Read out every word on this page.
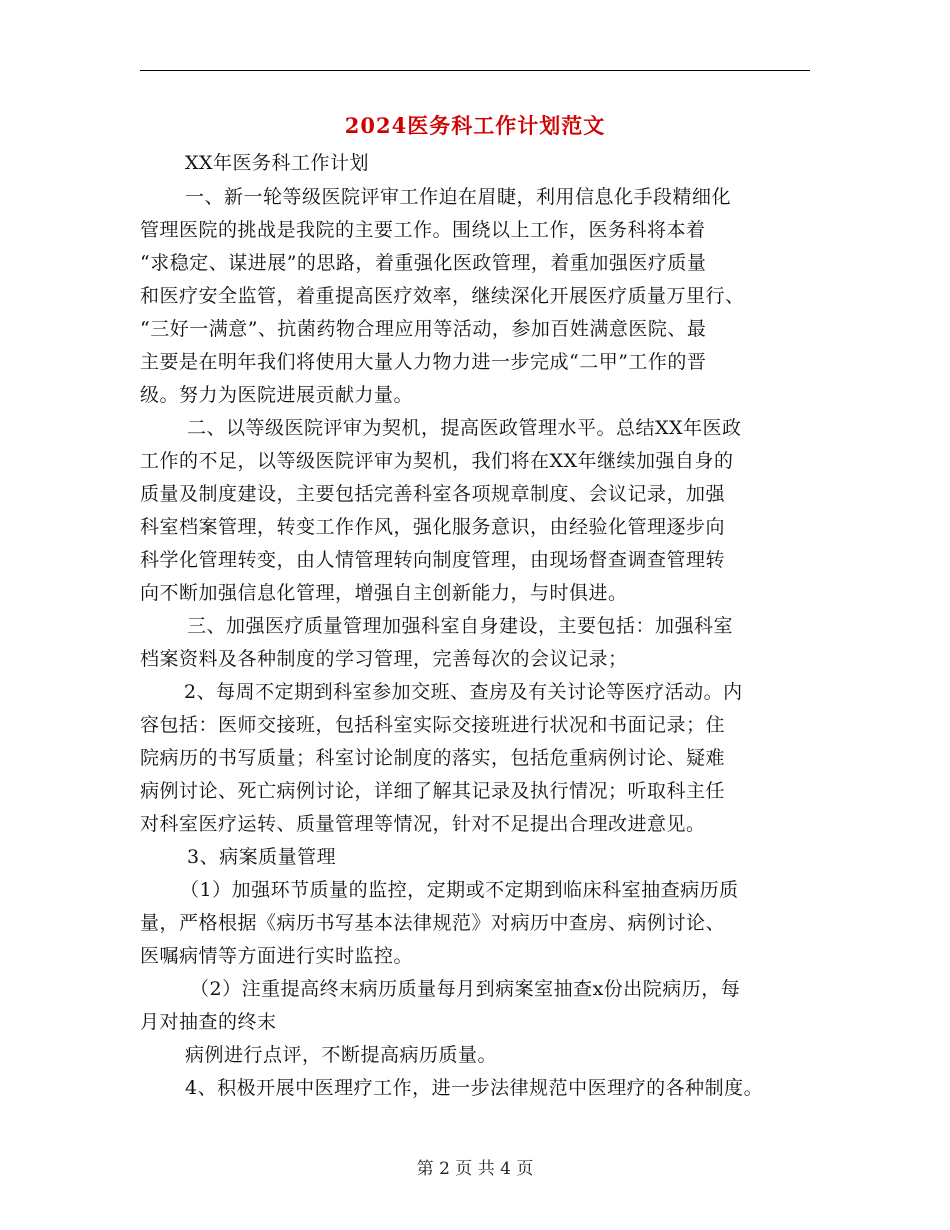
2024医务科工作计划范文
XX年医务科工作计划
一、新一轮等级医院评审工作迫在眉睫，利用信息化手段精细化
管理医院的挑战是我院的主要工作。围绕以上工作，医务科将本着
“求稳定、谋进展”的思路，着重强化医政管理，着重加强医疗质量
和医疗安全监管，着重提高医疗效率，继续深化开展医疗质量万里行、
“三好一满意”、抗菌药物合理应用等活动，参加百姓满意医院、最
主要是在明年我们将使用大量人力物力进一步完成“二甲”工作的晋
级。努力为医院进展贡献力量。
二、以等级医院评审为契机，提高医政管理水平。总结XX年医政
工作的不足，以等级医院评审为契机，我们将在XX年继续加强自身的
质量及制度建设，主要包括完善科室各项规章制度、会议记录，加强
科室档案管理，转变工作作风，强化服务意识，由经验化管理逐步向
科学化管理转变，由人情管理转向制度管理，由现场督查调查管理转
向不断加强信息化管理，增强自主创新能力，与时俱进。
三、加强医疗质量管理加强科室自身建设，主要包括：加强科室
档案资料及各种制度的学习管理，完善每次的会议记录；
2、每周不定期到科室参加交班、查房及有关讨论等医疗活动。内
容包括：医师交接班，包括科室实际交接班进行状况和书面记录；住
院病历的书写质量；科室讨论制度的落实，包括危重病例讨论、疑难
病例讨论、死亡病例讨论，详细了解其记录及执行情况；听取科主任
对科室医疗运转、质量管理等情况，针对不足提出合理改进意见。
3、病案质量管理
（1）加强环节质量的监控，定期或不定期到临床科室抽查病历质
量，严格根据《病历书写基本法律规范》对病历中查房、病例讨论、
医嘱病情等方面进行实时监控。
（2）注重提高终末病历质量每月到病案室抽查x份出院病历，每
月对抽查的终末
病例进行点评，不断提高病历质量。
4、积极开展中医理疗工作，进一步法律规范中医理疗的各种制度。
第 2 页 共 4 页
